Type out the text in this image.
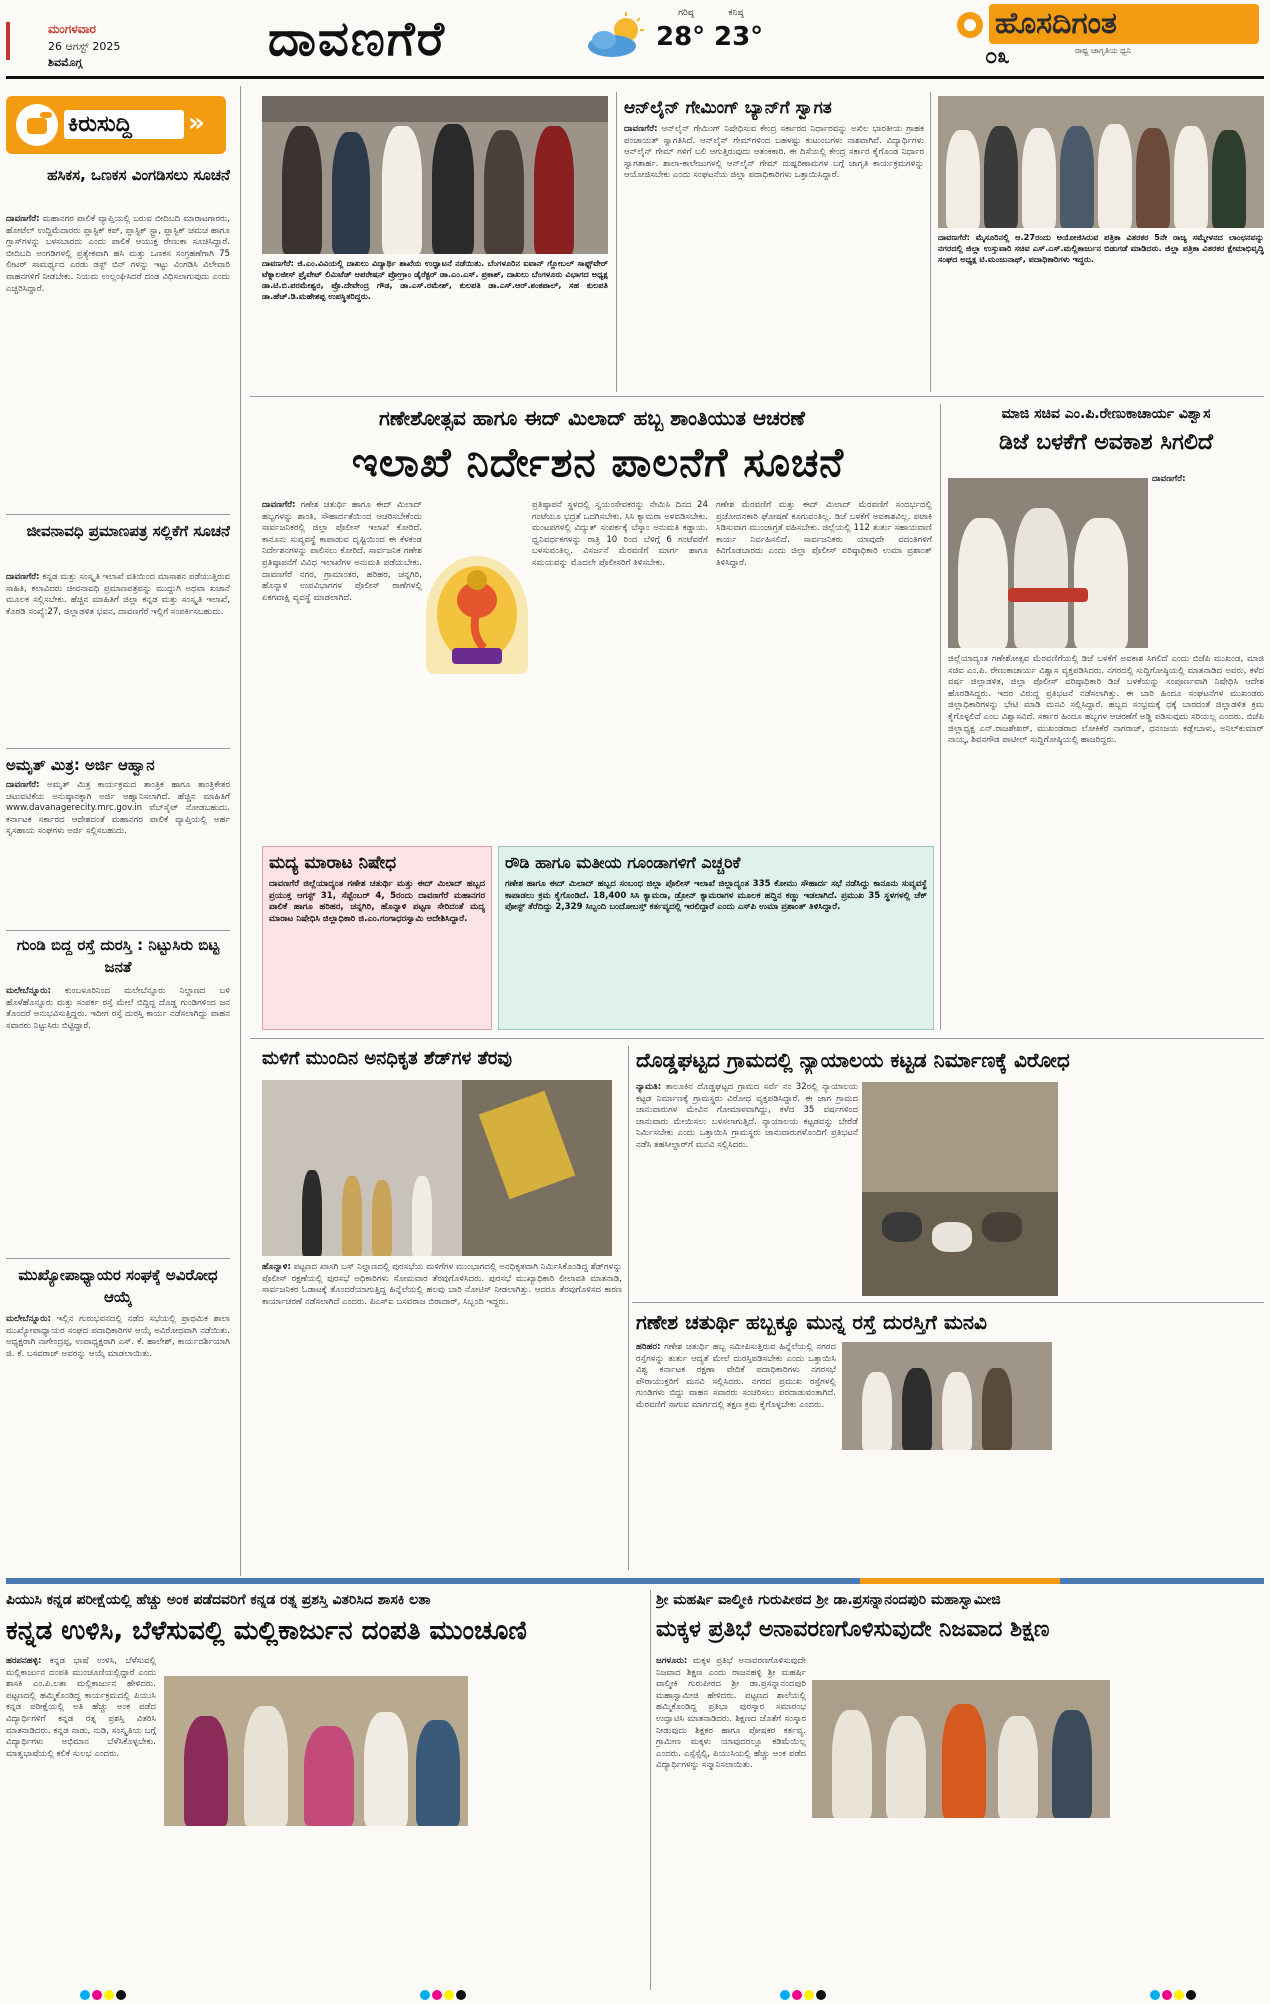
ಮಂಗಳವಾರ
26 ಆಗಸ್ಟ್ 2025
ಶಿವಮೊಗ್ಗ	ದಾವಣಗೆರೆ	ಗರಿಷ್ಠ
28°
ಕನಿಷ್ಠ
23°	ಹೊಸದಿಗಂತ
ರಾಷ್ಟ್ರ ಜಾಗೃತಿಯ ಧ್ವನಿ
೦೩
ಕಿರುಸುದ್ದಿ	»
ಹಸಿಕಸ, ಒಣಕಸ ವಿಂಗಡಿಸಲು ಸೂಚನೆ
ದಾವಣಗೆರೆ: ಮಹಾನಗರ ಪಾಲಿಕೆ ವ್ಯಾಪ್ತಿಯಲ್ಲಿ ಬರುವ ಬೀದಿಬದಿ ಮಾರಾಟಗಾರರು, ಹೋಟೆಲ್ ಉದ್ದಿಮೆದಾರರು ಪ್ಲಾಸ್ಟಿಕ್ ಕಪ್, ಪ್ಲಾಸ್ಟಿಕ್ ಸ್ಟ್ರಾ, ಪ್ಲಾಸ್ಟಿಕ್ ಚಮಚ ಹಾಗೂ ಗ್ಲಾಸ್‌ಗಳನ್ನು ಬಳಸಬಾರದು ಎಂದು ಪಾಲಿಕೆ ಆಯುಕ್ತ ರೇಣುಕಾ ಸೂಚಿಸಿದ್ದಾರೆ. ಬೀದಿಬದಿ ಅಂಗಡಿಗಳಲ್ಲಿ ಪ್ರತ್ಯೇಕವಾಗಿ ಹಸಿ ಮತ್ತು ಒಣಕಸ ಸಂಗ್ರಹಣೆಗಾಗಿ 75 ಲೀಟರ್ ಸಾಮರ್ಥ್ಯದ ಎರಡು ಡಸ್ಟ್ ಬಿನ್ ಗಳನ್ನು ಇಟ್ಟು ವಿಂಗಡಿಸಿ ವಿಲೇವಾರಿ ವಾಹನಗಳಿಗೆ ನೀಡಬೇಕು. ನಿಯಮ ಉಲ್ಲಂಘಿಸಿದರೆ ದಂಡ ವಿಧಿಸಲಾಗುವುದು ಎಂದು ಎಚ್ಚರಿಸಿದ್ದಾರೆ.
ಜೀವನಾವಧಿ ಪ್ರಮಾಣಪತ್ರ ಸಲ್ಲಿಕೆಗೆ ಸೂಚನೆ
ದಾವಣಗೆರೆ: ಕನ್ನಡ ಮತ್ತು ಸಂಸ್ಕೃತಿ ಇಲಾಖೆ ವತಿಯಿಂದ ಮಾಸಾಶನ ಪಡೆಯುತ್ತಿರುವ ಸಾಹಿತಿ, ಕಲಾವಿದರು ಜೀವನಾವಧಿ ಪ್ರಮಾಣಪತ್ರವನ್ನು ಮುದ್ದುಗಿ ಅಥವಾ ಖಜಾನೆ ಮೂಲಕ ಸಲ್ಲಿಸಬೇಕು. ಹೆಚ್ಚಿನ ಮಾಹಿತಿಗೆ ಜಿಲ್ಲಾ ಕನ್ನಡ ಮತ್ತು ಸಂಸ್ಕೃತಿ ಇಲಾಖೆ, ಕೊಠಡಿ ಸಂಖ್ಯೆ:27, ಜಿಲ್ಲಾಡಳಿತ ಭವನ, ದಾವಣಗೆರೆ ಇಲ್ಲಿಗೆ ಸಂಪರ್ಕಿಸಬಹುದು.
ಅಮೃತ್ ಮಿತ್ರ: ಅರ್ಜಿ ಆಹ್ವಾನ
ದಾವಣಗೆರೆ: ಅಮೃತ್ ಮಿತ್ರ ಕಾರ್ಯಕ್ರಮದ ತಾಂತ್ರಿಕ ಹಾಗೂ ತಾಂತ್ರಿಕೇತರ ಚಟುವಟಿಕೆಯ ಅನುಷ್ಠಾನಕ್ಕಾಗಿ ಅರ್ಜಿ ಆಹ್ವಾನಿಸಲಾಗಿದೆ. ಹೆಚ್ಚಿನ ಮಾಹಿತಿಗೆ www.davanagerecity.mrc.gov.in ವೆಬ್‌ಸೈಟ್ ನೋಡಬಹುದು. ಕರ್ನಾಟಕ ಸರ್ಕಾರದ ಆದೇಶದಂತೆ ಮಹಾನಗರ ಪಾಲಿಕೆ ವ್ಯಾಪ್ತಿಯಲ್ಲಿ ಅರ್ಹ ಸ್ವಸಹಾಯ ಸಂಘಗಳು ಅರ್ಜಿ ಸಲ್ಲಿಸಬಹುದು.
ಗುಂಡಿ ಬಿದ್ದ ರಸ್ತೆ ದುರಸ್ತಿ : ನಿಟ್ಟುಸಿರು ಬಿಟ್ಟ ಜನತೆ
ಮಲೇಬೆನ್ನೂರು: ಕುಂಬಳೂರಿನಿಂದ ಮಲೇಬೆನ್ನೂರು ನಿಲ್ದಾಣದ ಬಳಿ ಹೊಳೆಹೊನ್ನೂರು ಮತ್ತು ಸಂಪರ್ಕ ರಸ್ತೆ ಮೇಲೆ ಬಿದ್ದಿದ್ದ ದೊಡ್ಡ ಗುಂಡಿಗಳಿಂದ ಜನ ತೊಂದರೆ ಅನುಭವಿಸುತ್ತಿದ್ದರು. ಇದೀಗ ರಸ್ತೆ ದುರಸ್ತಿ ಕಾರ್ಯ ನಡೆಸಲಾಗಿದ್ದು ವಾಹನ ಸವಾರರು ನಿಟ್ಟುಸಿರು ಬಿಟ್ಟಿದ್ದಾರೆ.
ಮುಖ್ಯೋಪಾಧ್ಯಾಯರ ಸಂಘಕ್ಕೆ ಅವಿರೋಧ ಆಯ್ಕೆ
ಮಲೇಬೆನ್ನೂರು: ಇಲ್ಲಿನ ಗುರುಭವನದಲ್ಲಿ ನಡೆದ ಸಭೆಯಲ್ಲಿ ಪ್ರಾಥಮಿಕ ಶಾಲಾ ಮುಖ್ಯೋಪಾಧ್ಯಾಯರ ಸಂಘದ ಪದಾಧಿಕಾರಿಗಳ ಆಯ್ಕೆ ಅವಿರೋಧವಾಗಿ ನಡೆಯಿತು. ಅಧ್ಯಕ್ಷರಾಗಿ ನಾಗೇಂದ್ರಪ್ಪ, ಉಪಾಧ್ಯಕ್ಷರಾಗಿ ಎಸ್. ಕೆ. ಹಾಲೇಶ್, ಕಾರ್ಯದರ್ಶಿಯಾಗಿ ಜಿ. ಕೆ. ಬಸವರಾಜ್ ಅವರನ್ನು ಆಯ್ಕೆ ಮಾಡಲಾಯಿತು.
ದಾವಣಗೆರೆ: ಜಿ.ಎಂ.ವಿವಿಯಲ್ಲಿ ದಾಖಲು ವಿದ್ಯಾರ್ಥಿ ಶಾಖೆಯ ಉದ್ಘಾಟನೆ ನಡೆಯಿತು. ಬೆಂಗಳೂರಿನ ಐವಾನ್ ಗ್ಲೋಬಲ್ ಸಾಫ್ಟ್‌ವೇರ್ ಟೆಕ್ನಾಲಜೀಸ್ ಪ್ರೈವೇಟ್ ಲಿಮಿಟೆಡ್ ಆಪರೇಷನ್ ಪ್ರೋಗ್ರಾಂ ಡೈರೆಕ್ಟರ್ ಡಾ.ಎಂ.ಎಸ್. ಪ್ರಕಾಶ್, ದಾಖಲು ಬೆಂಗಳೂರು ವಿಭಾಗದ ಅಧ್ಯಕ್ಷ ಡಾ.ಟಿ.ಬಿ.ಪರಮೇಶ್ವರ, ಪ್ರೊ.ದೇವೇಂದ್ರ ಗೌಡ, ಡಾ.ಎಸ್.ರಮೇಶ್, ಕುಲಪತಿ ಡಾ.ಎಸ್.ಆರ್.ಶಂಕಪಾಲ್, ಸಹ ಕುಲಪತಿ ಡಾ.ಹೆಚ್.ಡಿ.ಮಹೇಶಪ್ಪ ಉಪಸ್ಥಿತರಿದ್ದರು.
ಆನ್‌ಲೈನ್ ಗೇಮಿಂಗ್ ಬ್ಯಾನ್‌ಗೆ ಸ್ವಾಗತ
ದಾವಣಗೆರೆ: ಆನ್‌ಲೈನ್ ಗೇಮಿಂಗ್ ನಿಷೇಧಿಸುವ ಕೇಂದ್ರ ಸರ್ಕಾರದ ನಿರ್ಧಾರವನ್ನು ಅಖಿಲ ಭಾರತೀಯ ಗ್ರಾಹಕ ಪಂಚಾಯತ್ ಸ್ವಾಗತಿಸಿದೆ. ಆನ್‌ಲೈನ್ ಗೇಮ್‌ಗಳಿಂದ ಬಹಳಷ್ಟು ಕುಟುಂಬಗಳು ನಾಶವಾಗಿವೆ. ವಿದ್ಯಾರ್ಥಿಗಳು ಆನ್‌ಲೈನ್ ಗೇಮ್ ಗಳಿಗೆ ಬಲಿ ಆಗುತ್ತಿರುವುದು ಆತಂಕಕಾರಿ. ಈ ದಿಸೆಯಲ್ಲಿ ಕೇಂದ್ರ ಸರ್ಕಾರ ಕೈಗೊಂಡ ನಿರ್ಧಾರ ಸ್ವಾಗತಾರ್ಹ. ಶಾಲಾ-ಕಾಲೇಜುಗಳಲ್ಲಿ ಆನ್‌ಲೈನ್ ಗೇಮ್ ದುಷ್ಪರಿಣಾಮಗಳ ಬಗ್ಗೆ ಜಾಗೃತಿ ಕಾರ್ಯಕ್ರಮಗಳನ್ನು ಆಯೋಜಿಸಬೇಕು ಎಂದು ಸಂಘಟನೆಯ ಜಿಲ್ಲಾ ಪದಾಧಿಕಾರಿಗಳು ಒತ್ತಾಯಿಸಿದ್ದಾರೆ.
ದಾವಣಗೆರೆ: ಮೈಸೂರಿನಲ್ಲಿ ಆ.27ರಂದು ಆಯೋಜಿಸಿರುವ ಪತ್ರಿಕಾ ವಿತರಕರ 5ನೇ ರಾಜ್ಯ ಸಮ್ಮೇಳನದ ಲಾಂಛನವನ್ನು ನಗರದಲ್ಲಿ ಜಿಲ್ಲಾ ಉಸ್ತುವಾರಿ ಸಚಿವ ಎಸ್.ಎಸ್.ಮಲ್ಲಿಕಾರ್ಜುನ ಬಿಡುಗಡೆ ಮಾಡಿದರು. ಜಿಲ್ಲಾ ಪತ್ರಿಕಾ ವಿತರಕರ ಕ್ಷೇಮಾಭಿವೃದ್ಧಿ ಸಂಘದ ಅಧ್ಯಕ್ಷ ಟಿ.ಮಂಜುನಾಥ್, ಪದಾಧಿಕಾರಿಗಳು ಇದ್ದರು.
ಗಣೇಶೋತ್ಸವ ಹಾಗೂ ಈದ್ ಮಿಲಾದ್ ಹಬ್ಬ ಶಾಂತಿಯುತ ಆಚರಣೆ
ಇಲಾಖೆ ನಿರ್ದೇಶನ ಪಾಲನೆಗೆ ಸೂಚನೆ
ದಾವಣಗೆರೆ: ಗಣೇಶ ಚತುರ್ಥಿ ಹಾಗೂ ಈದ್ ಮಿಲಾದ್ ಹಬ್ಬಗಳನ್ನು ಶಾಂತಿ, ಸೌಹಾರ್ದತೆಯಿಂದ ಆಚರಿಸಬೇಕೆಂದು ಸಾರ್ವಜನಿಕರಲ್ಲಿ ಜಿಲ್ಲಾ ಪೊಲೀಸ್ ಇಲಾಖೆ ಕೋರಿದೆ. ಕಾನೂನು ಸುವ್ಯವಸ್ಥೆ ಕಾಪಾಡುವ ದೃಷ್ಟಿಯಿಂದ ಈ ಕೆಳಕಂಡ ನಿರ್ದೇಶನಗಳನ್ನು ಪಾಲಿಸಲು ಕೋರಿದೆ. ಸಾರ್ವಜನಿಕ ಗಣೇಶ ಪ್ರತಿಷ್ಠಾಪನೆಗೆ ವಿವಿಧ ಇಲಾಖೆಗಳ ಅನುಮತಿ ಪಡೆಯಬೇಕು. ದಾವಣಗೆರೆ ನಗರ, ಗ್ರಾಮಾಂತರ, ಹರಿಹರ, ಚನ್ನಗಿರಿ, ಹೊನ್ನಾಳಿ ಉಪವಿಭಾಗಗಳ ಪೊಲೀಸ್ ಠಾಣೆಗಳಲ್ಲಿ ಏಕಗವಾಕ್ಷಿ ವ್ಯವಸ್ಥೆ ಮಾಡಲಾಗಿದೆ.
ಪ್ರತಿಷ್ಠಾಪನೆ ಸ್ಥಳದಲ್ಲಿ ಸ್ವಯಂಸೇವಕರನ್ನು ನೇಮಿಸಿ ದಿನದ 24 ಗಂಟೆಯೂ ಭದ್ರತೆ ಒದಗಿಸಬೇಕು. ಸಿಸಿ ಕ್ಯಾಮರಾ ಅಳವಡಿಸಬೇಕು. ಮಂಟಪಗಳಲ್ಲಿ ವಿದ್ಯುತ್ ಸಂಪರ್ಕಕ್ಕೆ ಬೆಸ್ಕಾಂ ಅನುಮತಿ ಕಡ್ಡಾಯ. ಧ್ವನಿವರ್ಧಕಗಳನ್ನು ರಾತ್ರಿ 10 ರಿಂದ ಬೆಳಿಗ್ಗೆ 6 ಗಂಟೆವರೆಗೆ ಬಳಸುವಂತಿಲ್ಲ. ವಿಸರ್ಜನೆ ಮೆರವಣಿಗೆ ಮಾರ್ಗ ಹಾಗೂ ಸಮಯವನ್ನು ಮೊದಲೇ ಪೊಲೀಸರಿಗೆ ತಿಳಿಸಬೇಕು.
ಗಣೇಶ ಮೆರವಣಿಗೆ ಮತ್ತು ಈದ್ ಮಿಲಾದ್ ಮೆರವಣಿಗೆ ಸಂದರ್ಭದಲ್ಲಿ ಪ್ರಚೋದನಕಾರಿ ಘೋಷಣೆ ಕೂಗುವಂತಿಲ್ಲ. ಡಿಜೆ ಬಳಕೆಗೆ ಅವಕಾಶವಿಲ್ಲ. ಪಟಾಕಿ ಸಿಡಿಸುವಾಗ ಮುಂಜಾಗ್ರತೆ ವಹಿಸಬೇಕು. ಜಿಲ್ಲೆಯಲ್ಲಿ 112 ತುರ್ತು ಸಹಾಯವಾಣಿ ಕಾರ್ಯ ನಿರ್ವಹಿಸಲಿದೆ. ಸಾರ್ವಜನಿಕರು ಯಾವುದೇ ವದಂತಿಗಳಿಗೆ ಕಿವಿಗೊಡಬಾರದು ಎಂದು ಜಿಲ್ಲಾ ಪೊಲೀಸ್ ವರಿಷ್ಠಾಧಿಕಾರಿ ಉಮಾ ಪ್ರಶಾಂತ್ ತಿಳಿಸಿದ್ದಾರೆ.
ಮದ್ಯ ಮಾರಾಟ ನಿಷೇಧ
ದಾವಣಗೆರೆ ಜಿಲ್ಲೆಯಾದ್ಯಂತ ಗಣೇಶ ಚತುರ್ಥಿ ಮತ್ತು ಈದ್ ಮಿಲಾದ್ ಹಬ್ಬದ ಪ್ರಯುಕ್ತ ಆಗಸ್ಟ್ 31, ಸೆಪ್ಟೆಂಬರ್ 4, 5ರಂದು ದಾವಣಗೆರೆ ಮಹಾನಗರ ಪಾಲಿಕೆ ಹಾಗೂ ಹರಿಹರ, ಚನ್ನಗಿರಿ, ಹೊನ್ನಾಳಿ ಪಟ್ಟಣ ಸೇರಿದಂತೆ ಮದ್ಯ ಮಾರಾಟ ನಿಷೇಧಿಸಿ ಜಿಲ್ಲಾಧಿಕಾರಿ ಜಿ.ಎಂ.ಗಂಗಾಧರಸ್ವಾಮಿ ಆದೇಶಿಸಿದ್ದಾರೆ.
ರೌಡಿ ಹಾಗೂ ಮತೀಯ ಗೂಂಡಾಗಳಿಗೆ ಎಚ್ಚರಿಕೆ
ಗಣೇಶ ಹಾಗೂ ಈದ್ ಮಿಲಾದ್ ಹಬ್ಬದ ಸಂಬಂಧ ಜಿಲ್ಲಾ ಪೊಲೀಸ್ ಇಲಾಖೆ ಜಿಲ್ಲಾದ್ಯಂತ 335 ಕೋಮು ಸೌಹಾರ್ದ ಸಭೆ ನಡೆಸಿದ್ದು ಕಾನೂನು ಸುವ್ಯವಸ್ಥೆ ಕಾಪಾಡಲು ಕ್ರಮ ಕೈಗೊಂಡಿದೆ. 18,400 ಸಿಸಿ ಕ್ಯಾಮರಾ, ಡ್ರೋನ್ ಕ್ಯಾಮರಾಗಳ ಮೂಲಕ ಹದ್ದಿನ ಕಣ್ಣು ಇಡಲಾಗಿದೆ. ಪ್ರಮುಖ 35 ಸ್ಥಳಗಳಲ್ಲಿ ಚೆಕ್ ಪೋಸ್ಟ್ ತೆರೆದಿದ್ದು 2,329 ಸಿಬ್ಬಂದಿ ಬಂದೋಬಸ್ತ್ ಕರ್ತವ್ಯದಲ್ಲಿ ಇರಲಿದ್ದಾರೆ ಎಂದು ಎಸ್‌ಪಿ ಉಮಾ ಪ್ರಶಾಂತ್ ತಿಳಿಸಿದ್ದಾರೆ.
ಮಾಜಿ ಸಚಿವ ಎಂ.ಪಿ.ರೇಣುಕಾಚಾರ್ಯ ವಿಶ್ವಾಸ
ಡಿಜೆ ಬಳಕೆಗೆ ಅವಕಾಶ ಸಿಗಲಿದೆ
ದಾವಣಗೆರೆ:
ಜಿಲ್ಲೆಯಾದ್ಯಂತ ಗಣೇಶೋತ್ಸವ ಮೆರವಣಿಗೆಯಲ್ಲಿ ಡಿಜೆ ಬಳಕೆಗೆ ಅವಕಾಶ ಸಿಗಲಿದೆ ಎಂದು ಬಿಜೆಪಿ ಮುಖಂಡ, ಮಾಜಿ ಸಚಿವ ಎಂ.ಪಿ. ರೇಣುಕಾಚಾರ್ಯ ವಿಶ್ವಾಸ ವ್ಯಕ್ತಪಡಿಸಿದರು. ನಗರದಲ್ಲಿ ಸುದ್ದಿಗೋಷ್ಠಿಯಲ್ಲಿ ಮಾತನಾಡಿದ ಅವರು, ಕಳೆದ ವರ್ಷ ಜಿಲ್ಲಾಡಳಿತ, ಜಿಲ್ಲಾ ಪೊಲೀಸ್ ವರಿಷ್ಠಾಧಿಕಾರಿ ಡಿಜೆ ಬಳಕೆಯನ್ನು ಸಂಪೂರ್ಣವಾಗಿ ನಿಷೇಧಿಸಿ ಆದೇಶ ಹೊರಡಿಸಿದ್ದರು. ಇದರ ವಿರುದ್ಧ ಪ್ರತಿಭಟನೆ ನಡೆಸಲಾಗಿತ್ತು. ಈ ಬಾರಿ ಹಿಂದೂ ಸಂಘಟನೆಗಳ ಮುಖಂಡರು ಜಿಲ್ಲಾಧಿಕಾರಿಗಳನ್ನು ಭೇಟಿ ಮಾಡಿ ಮನವಿ ಸಲ್ಲಿಸಿದ್ದಾರೆ. ಹಬ್ಬದ ಸಂಭ್ರಮಕ್ಕೆ ಧಕ್ಕೆ ಬಾರದಂತೆ ಜಿಲ್ಲಾಡಳಿತ ಕ್ರಮ ಕೈಗೊಳ್ಳಲಿದೆ ಎಂಬ ವಿಶ್ವಾಸವಿದೆ. ಸರ್ಕಾರ ಹಿಂದೂ ಹಬ್ಬಗಳ ಆಚರಣೆಗೆ ಅಡ್ಡಿ ಪಡಿಸುವುದು ಸರಿಯಲ್ಲ ಎಂದರು. ಬಿಜೆಪಿ ಜಿಲ್ಲಾಧ್ಯಕ್ಷ ಎನ್.ರಾಜಶೇಖರ್, ಮುಖಂಡರಾದ ಲೋಕಿಕೆರೆ ನಾಗರಾಜ್, ಧನಂಜಯ ಕಡ್ಲೇಬಾಳು, ಅನಿಲ್‌ಕುಮಾರ್ ನಾಯ್ಕ, ಶಿವನಗೌಡ ಪಾಟೀಲ್ ಸುದ್ದಿಗೋಷ್ಠಿಯಲ್ಲಿ ಹಾಜರಿದ್ದರು.
ಮಳಿಗೆ ಮುಂದಿನ ಅನಧಿಕೃತ ಶೆಡ್‌ಗಳ ತೆರವು
ಹೊನ್ನಾಳಿ: ಪಟ್ಟಣದ ಖಾಸಗಿ ಬಸ್ ನಿಲ್ದಾಣದಲ್ಲಿ ಪುರಸಭೆಯ ಮಳಿಗೆಗಳ ಮುಂಭಾಗದಲ್ಲಿ ಅನಧಿಕೃತವಾಗಿ ನಿರ್ಮಿಸಿಕೊಂಡಿದ್ದ ಶೆಡ್‌ಗಳನ್ನು ಪೊಲೀಸ್ ರಕ್ಷಣೆಯಲ್ಲಿ ಪುರಸಭೆ ಅಧಿಕಾರಿಗಳು ಸೋಮವಾರ ತೆರವುಗೊಳಿಸಿದರು. ಪುರಸಭೆ ಮುಖ್ಯಾಧಿಕಾರಿ ಲೀಲಾವತಿ ಮಾತನಾಡಿ, ಸಾರ್ವಜನಿಕರ ಓಡಾಟಕ್ಕೆ ತೊಂದರೆಯಾಗುತ್ತಿದ್ದ ಹಿನ್ನೆಲೆಯಲ್ಲಿ ಹಲವು ಬಾರಿ ನೋಟಿಸ್ ನೀಡಲಾಗಿತ್ತು. ಆದರೂ ತೆರವುಗೊಳಿಸದ ಕಾರಣ ಕಾರ್ಯಾಚರಣೆ ನಡೆಸಲಾಗಿದೆ ಎಂದರು. ಪಿಎಸ್‌ಐ ಬಸವರಾಜ ಬಿರಾದಾರ್, ಸಿಬ್ಬಂದಿ ಇದ್ದರು.
ದೊಡ್ಡಘಟ್ಟದ ಗ್ರಾಮದಲ್ಲಿ ನ್ಯಾಯಾಲಯ ಕಟ್ಟಡ ನಿರ್ಮಾಣಕ್ಕೆ ವಿರೋಧ
ನ್ಯಾಮತಿ: ತಾಲೂಕಿನ ದೊಡ್ಡಘಟ್ಟದ ಗ್ರಾಮದ ಸರ್ವೆ ನಂ 32ರಲ್ಲಿ ನ್ಯಾಯಾಲಯ ಕಟ್ಟಡ ನಿರ್ಮಾಣಕ್ಕೆ ಗ್ರಾಮಸ್ಥರು ವಿರೋಧ ವ್ಯಕ್ತಪಡಿಸಿದ್ದಾರೆ. ಈ ಜಾಗ ಗ್ರಾಮದ ಜಾನುವಾರುಗಳ ಮೇವಿನ ಗೋಮಾಳವಾಗಿದ್ದು, ಕಳೆದ 35 ವರ್ಷಗಳಿಂದ ಜಾನುವಾರು ಮೇಯಿಸಲು ಬಳಸಲಾಗುತ್ತಿದೆ. ನ್ಯಾಯಾಲಯ ಕಟ್ಟಡವನ್ನು ಬೇರೆಡೆ ನಿರ್ಮಿಸಬೇಕು ಎಂದು ಒತ್ತಾಯಿಸಿ ಗ್ರಾಮಸ್ಥರು ಜಾನುವಾರುಗಳೊಂದಿಗೆ ಪ್ರತಿಭಟನೆ ನಡೆಸಿ ತಹಸೀಲ್ದಾರ್‌ಗೆ ಮನವಿ ಸಲ್ಲಿಸಿದರು.
ಗಣೇಶ ಚತುರ್ಥಿ ಹಬ್ಬಕ್ಕೂ ಮುನ್ನ ರಸ್ತೆ ದುರಸ್ತಿಗೆ ಮನವಿ
ಹರಿಹರ: ಗಣೇಶ ಚತುರ್ಥಿ ಹಬ್ಬ ಸಮೀಪಿಸುತ್ತಿರುವ ಹಿನ್ನೆಲೆಯಲ್ಲಿ ನಗರದ ರಸ್ತೆಗಳನ್ನು ತುರ್ತು ಆದ್ಯತೆ ಮೇಲೆ ದುರಸ್ತಿಪಡಿಸಬೇಕು ಎಂದು ಒತ್ತಾಯಿಸಿ ವಿಶ್ವ ಕರ್ನಾಟಕ ರಕ್ಷಣಾ ವೇದಿಕೆ ಪದಾಧಿಕಾರಿಗಳು ನಗರಸಭೆ ಪೌರಾಯುಕ್ತರಿಗೆ ಮನವಿ ಸಲ್ಲಿಸಿದರು. ನಗರದ ಪ್ರಮುಖ ರಸ್ತೆಗಳಲ್ಲಿ ಗುಂಡಿಗಳು ಬಿದ್ದು ವಾಹನ ಸವಾರರು ಸಂಚರಿಸಲು ಪರದಾಡುವಂತಾಗಿದೆ. ಮೆರವಣಿಗೆ ಸಾಗುವ ಮಾರ್ಗದಲ್ಲಿ ತಕ್ಷಣ ಕ್ರಮ ಕೈಗೊಳ್ಳಬೇಕು ಎಂದರು.
ಪಿಯುಸಿ ಕನ್ನಡ ಪರೀಕ್ಷೆಯಲ್ಲಿ ಹೆಚ್ಚು ಅಂಕ ಪಡೆದವರಿಗೆ ಕನ್ನಡ ರತ್ನ ಪ್ರಶಸ್ತಿ ವಿತರಿಸಿದ ಶಾಸಕಿ ಲತಾ
ಕನ್ನಡ ಉಳಿಸಿ, ಬೆಳೆಸುವಲ್ಲಿ ಮಲ್ಲಿಕಾರ್ಜುನ ದಂಪತಿ ಮುಂಚೂಣಿ
ಹರಪನಹಳ್ಳಿ: ಕನ್ನಡ ಭಾಷೆ ಉಳಿಸಿ, ಬೆಳೆಸುವಲ್ಲಿ ಮಲ್ಲಿಕಾರ್ಜುನ ದಂಪತಿ ಮುಂಚೂಣಿಯಲ್ಲಿದ್ದಾರೆ ಎಂದು ಶಾಸಕಿ ಎಂ.ಪಿ.ಲತಾ ಮಲ್ಲಿಕಾರ್ಜುನ ಹೇಳಿದರು. ಪಟ್ಟಣದಲ್ಲಿ ಹಮ್ಮಿಕೊಂಡಿದ್ದ ಕಾರ್ಯಕ್ರಮದಲ್ಲಿ ಪಿಯುಸಿ ಕನ್ನಡ ಪರೀಕ್ಷೆಯಲ್ಲಿ ಅತಿ ಹೆಚ್ಚು ಅಂಕ ಪಡೆದ ವಿದ್ಯಾರ್ಥಿಗಳಿಗೆ ಕನ್ನಡ ರತ್ನ ಪ್ರಶಸ್ತಿ ವಿತರಿಸಿ ಮಾತನಾಡಿದರು. ಕನ್ನಡ ನಾಡು, ನುಡಿ, ಸಂಸ್ಕೃತಿಯ ಬಗ್ಗೆ ವಿದ್ಯಾರ್ಥಿಗಳು ಅಭಿಮಾನ ಬೆಳೆಸಿಕೊಳ್ಳಬೇಕು. ಮಾತೃಭಾಷೆಯಲ್ಲಿ ಕಲಿಕೆ ಸುಲಭ ಎಂದರು.
ಶ್ರೀ ಮಹರ್ಷಿ ವಾಲ್ಮೀಕಿ ಗುರುಪೀಠದ ಶ್ರೀ ಡಾ.ಪ್ರಸನ್ನಾನಂದಪುರಿ ಮಹಾಸ್ವಾಮೀಜಿ
ಮಕ್ಕಳ ಪ್ರತಿಭೆ ಅನಾವರಣಗೊಳಿಸುವುದೇ ನಿಜವಾದ ಶಿಕ್ಷಣ
ಜಗಳೂರು: ಮಕ್ಕಳ ಪ್ರತಿಭೆ ಅನಾವರಣಗೊಳಿಸುವುದೇ ನಿಜವಾದ ಶಿಕ್ಷಣ ಎಂದು ರಾಜನಹಳ್ಳಿ ಶ್ರೀ ಮಹರ್ಷಿ ವಾಲ್ಮೀಕಿ ಗುರುಪೀಠದ ಶ್ರೀ ಡಾ.ಪ್ರಸನ್ನಾನಂದಪುರಿ ಮಹಾಸ್ವಾಮೀಜಿ ಹೇಳಿದರು. ಪಟ್ಟಣದ ಶಾಲೆಯಲ್ಲಿ ಹಮ್ಮಿಕೊಂಡಿದ್ದ ಪ್ರತಿಭಾ ಪುರಸ್ಕಾರ ಸಮಾರಂಭ ಉದ್ಘಾಟಿಸಿ ಮಾತನಾಡಿದರು. ಶಿಕ್ಷಣದ ಜೊತೆಗೆ ಸಂಸ್ಕಾರ ನೀಡುವುದು ಶಿಕ್ಷಕರ ಹಾಗೂ ಪೋಷಕರ ಕರ್ತವ್ಯ. ಗ್ರಾಮೀಣ ಮಕ್ಕಳು ಯಾವುದರಲ್ಲೂ ಕಡಿಮೆಯಿಲ್ಲ ಎಂದರು. ಎಸ್ಸೆಸ್ಸೆಲ್ಸಿ, ಪಿಯುಸಿಯಲ್ಲಿ ಹೆಚ್ಚು ಅಂಕ ಪಡೆದ ವಿದ್ಯಾರ್ಥಿಗಳನ್ನು ಸನ್ಮಾನಿಸಲಾಯಿತು.
